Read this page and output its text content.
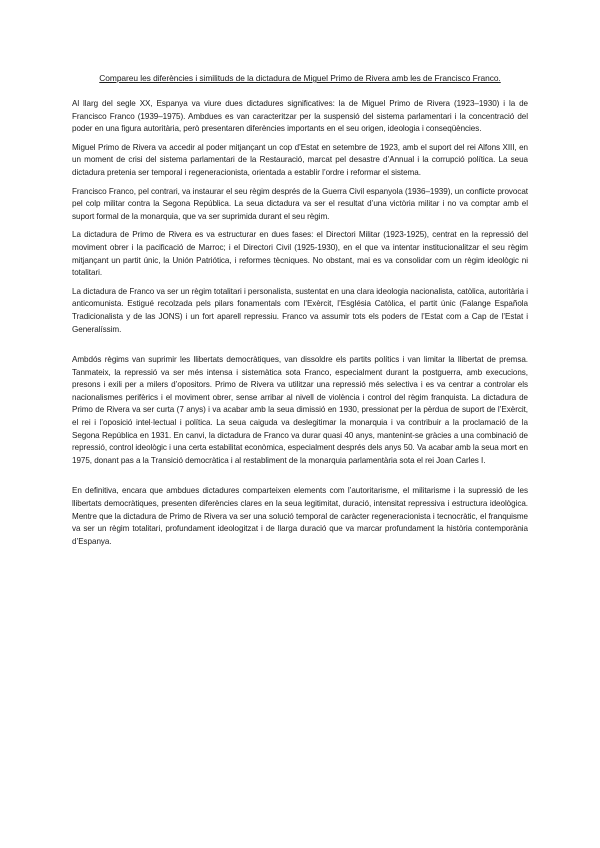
Compareu les diferències i similituds de la dictadura de Miguel Primo de Rivera amb les de Francisco Franco.

Al llarg del segle XX, Espanya va viure dues dictadures significatives: la de Miguel Primo de Rivera (1923–1930) i la de Francisco Franco (1939–1975). Ambdues es van caracteritzar per la suspensió del sistema parlamentari i la concentració del poder en una figura autoritària, però presentaren diferències importants en el seu origen, ideologia i conseqüències.

Miguel Primo de Rivera va accedir al poder mitjançant un cop d’Estat en setembre de 1923, amb el suport del rei Alfons XIII, en un moment de crisi del sistema parlamentari de la Restauració, marcat pel desastre d’Annual i la corrupció política. La seua dictadura pretenia ser temporal i regeneracionista, orientada a establir l’ordre i reformar el sistema.

Francisco Franco, pel contrari, va instaurar el seu règim després de la Guerra Civil espanyola (1936–1939), un conflicte provocat pel colp militar contra la Segona República. La seua dictadura va ser el resultat d’una victòria militar i no va comptar amb el suport formal de la monarquia, que va ser suprimida durant el seu règim.

La dictadura de Primo de Rivera es va estructurar en dues fases: el Directori Militar (1923-1925), centrat en la repressió del moviment obrer i la pacificació de Marroc; i el Directori Civil (1925-1930), en el que va intentar institucionalitzar el seu règim mitjançant un partit únic, la Unión Patriótica, i reformes tècniques. No obstant, mai es va consolidar com un règim ideològic ni totalitari.

La dictadura de Franco va ser un règim totalitari i personalista, sustentat en una clara ideologia nacionalista, catòlica, autoritària i anticomunista. Estigué recolzada pels pilars fonamentals com l’Exèrcit, l’Església Catòlica, el partit únic (Falange Española Tradicionalista y de las JONS) i un fort aparell repressiu. Franco va assumir tots els poders de l’Estat com a Cap de l’Estat i Generalíssim.

Ambdós règims van suprimir les llibertats democràtiques, van dissoldre els partits polítics i van limitar la llibertat de premsa. Tanmateix, la repressió va ser més intensa i sistemàtica sota Franco, especialment durant la postguerra, amb execucions, presons i exili per a milers d’opositors. Primo de Rivera va utilitzar una repressió més selectiva i es va centrar a controlar els nacionalismes perifèrics i el moviment obrer, sense arribar al nivell de violència i control del règim franquista. La dictadura de Primo de Rivera va ser curta (7 anys) i va acabar amb la seua dimissió en 1930, pressionat per la pèrdua de suport de l’Exèrcit, el rei i l’oposició intel·lectual i política. La seua caiguda va deslegitimar la monarquia i va contribuir a la proclamació de la Segona República en 1931. En canvi, la dictadura de Franco va durar quasi 40 anys, mantenint-se gràcies a una combinació de repressió, control ideològic i una certa estabilitat econòmica, especialment després dels anys 50. Va acabar amb la seua mort en 1975, donant pas a la Transició democràtica i al restabliment de la monarquia parlamentària sota el rei Joan Carles I.

En definitiva, encara que ambdues dictadures comparteixen elements com l’autoritarisme, el militarisme i la supressió de les llibertats democràtiques, presenten diferències clares en la seua legitimitat, duració, intensitat repressiva i estructura ideològica. Mentre que la dictadura de Primo de Rivera va ser una solució temporal de caràcter regeneracionista i tecnocràtic, el franquisme va ser un règim totalitari, profundament ideologitzat i de llarga duració que va marcar profundament la història contemporània d’Espanya.
